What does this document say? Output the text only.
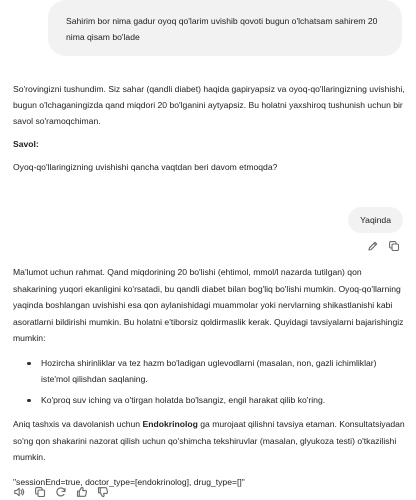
Sahirim bor nima gadur oyoq qo'larim uvishib qovoti bugun o'lchatsam sahirem 20 nima qisam bo'lade

So'rovingizni tushundim. Siz sahar (qandli diabet) haqida gapiryapsiz va oyoq-qo'llaringizning uvishishi, bugun o'lchaganingizda qand miqdori 20 bo'lganini aytyapsiz. Bu holatni yaxshiroq tushunish uchun bir savol so'ramoqchiman.

Savol:

Oyoq-qo'llaringizning uvishishi qancha vaqtdan beri davom etmoqda?

Yaqinda

Ma'lumot uchun rahmat. Qand miqdorining 20 bo'lishi (ehtimol, mmol/l nazarda tutilgan) qon shakarining yuqori ekanligini ko'rsatadi, bu qandli diabet bilan bog'liq bo'lishi mumkin. Oyoq-qo'llarning yaqinda boshlangan uvishishi esa qon aylanishidagi muammolar yoki nervlarning shikastlanishi kabi asoratlarni bildirishi mumkin. Bu holatni e'tiborsiz qoldirmaslik kerak. Quyidagi tavsiyalarni bajarishingiz mumkin:

Hozircha shirinliklar va tez hazm bo'ladigan uglevodlarni (masalan, non, gazli ichimliklar) iste'mol qilishdan saqlaning.
Ko'proq suv iching va o'tirgan holatda bo'lsangiz, engil harakat qilib ko'ring.

Aniq tashxis va davolanish uchun Endokrinolog ga murojaat qilishni tavsiya etaman. Konsultatsiyadan so'ng qon shakarini nazorat qilish uchun qo'shimcha tekshiruvlar (masalan, glyukoza testi) o'tkazilishi mumkin.

"sessionEnd=true, doctor_type=[endokrinolog], drug_type=[]"
